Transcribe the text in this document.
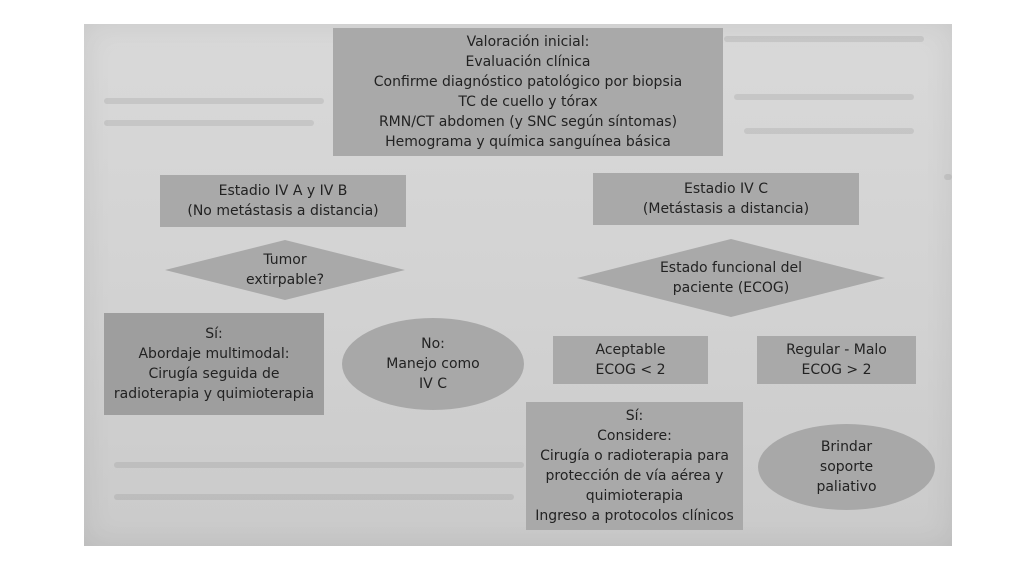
Valoración inicial:
Evaluación clínica
Confirme diagnóstico patológico por biopsia
TC de cuello y tórax
RMN/CT abdomen (y SNC según síntomas)
Hemograma y química sanguínea básica
Estadio IV A y IV B
(No metástasis a distancia)
Estadio IV C
(Metástasis a distancia)
Tumor
extirpable?
Estado funcional del
paciente (ECOG)
Sí:
Abordaje multimodal:
Cirugía seguida de
radioterapia y quimioterapia
No:
Manejo como
IV C
Aceptable
ECOG < 2
Regular - Malo
ECOG > 2
Sí:
Considere:
Cirugía o radioterapia para
protección de vía aérea y
quimioterapia
Ingreso a protocolos clínicos
Brindar
soporte
paliativo
